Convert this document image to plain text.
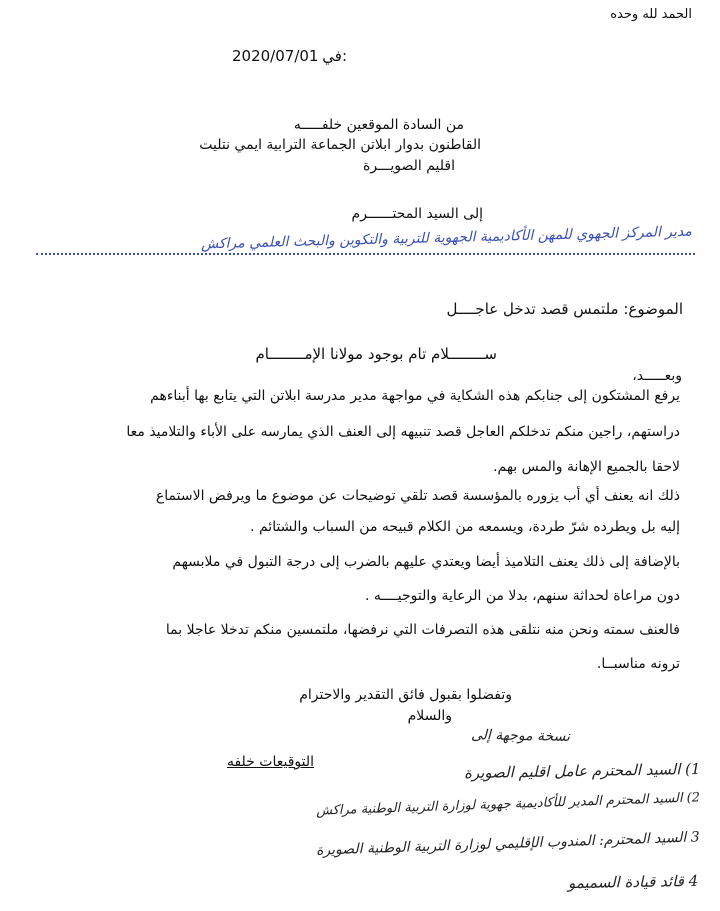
الحمد لله وحده
في:
2020/07/01
من السادة الموقعين خلفـــــه
القاطنون بدوار ابلاتن الجماعة الترابية ايمي نتليت
اقليم الصويـــرة
إلى السيد المحتــــــرم
مدير المركز الجهوي للمهن الأكاديمية الجهوية للتربية والتكوين والبحث العلمي مراكش
الموضوع: ملتمس قصد تدخل عاجــــل
ســــــــلام تام بوجود مولانا الإمــــــــام
وبعـــــد،
يرفع المشتكون إلى جنابكم هذه الشكاية في مواجهة مدير مدرسة ابلاتن التي يتابع بها أبناءهم
دراستهم، راجين منكم تدخلكم العاجل قصد تنبيهه إلى العنف الذي يمارسه على الأباء والتلاميذ معا
لاحقا بالجميع الإهانة والمس بهم.
ذلك انه يعنف أي أب يزوره بالمؤسسة قصد تلقي توضيحات عن موضوع ما ويرفض الاستماع
إليه بل ويطرده شرّ طردة، ويسمعه من الكلام قبيحه من السباب والشتائم .
بالإضافة إلى ذلك يعنف التلاميذ أيضا ويعتدي عليهم بالضرب إلى درجة التبول في ملابسهم
دون مراعاة لحداثة سنهم، بدلا من الرعاية والتوجيــــه .
فالعنف سمته ونحن منه نتلقى هذه التصرفات التي نرفضها، ملتمسين منكم تدخلا عاجلا بما
ترونه مناسبــا.
وتفضلوا بقبول فائق التقدير والاحترام
والسلام
نسخة موجهة إلى
التوقيعات خلفه	1) السيد المحترم عامل اقليم الصويرة
2) السيد المحترم المدير للأكاديمية جهوية لوزارة التربية الوطنية مراكش
3 السيد المحترم: المندوب الإقليمي لوزارة التربية الوطنية الصويرة
4 قائد قيادة السميمو
